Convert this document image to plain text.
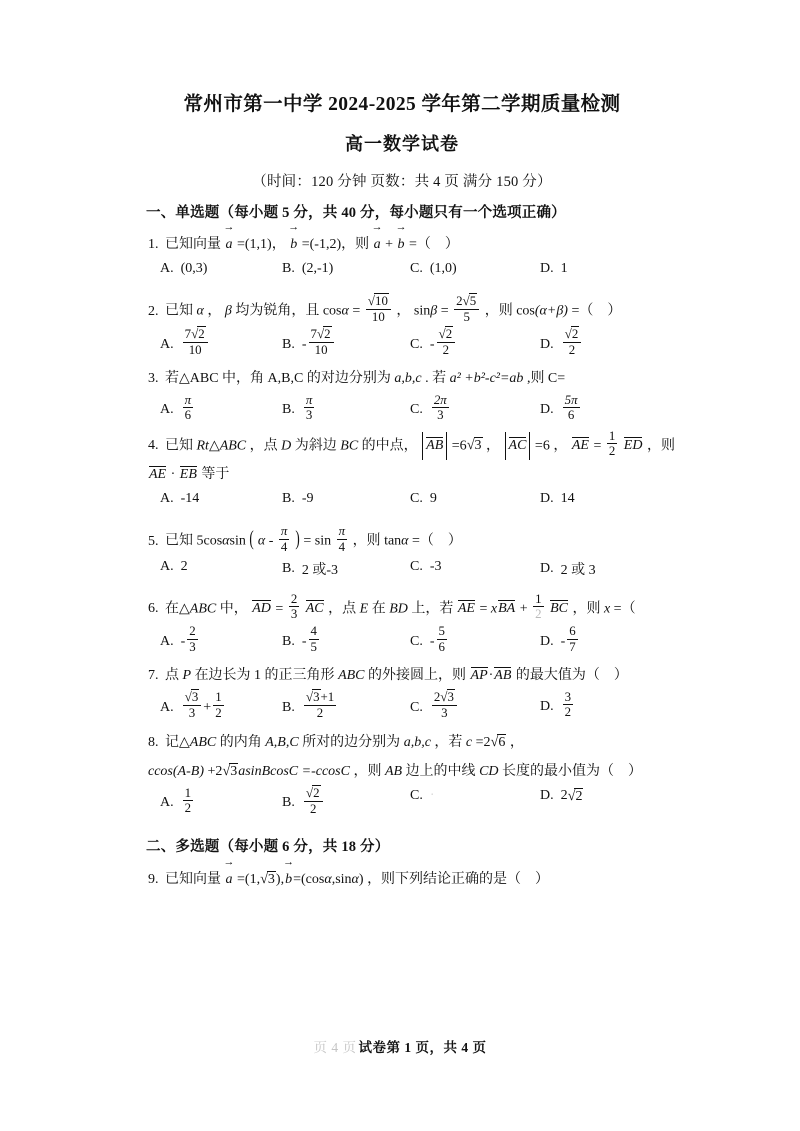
常州市第一中学 2024-2025 学年第二学期质量检测
高一数学试卷
（时间：120 分钟 页数：共 4 页 满分 150 分）
一、单选题（每小题 5 分，共 40 分，每小题只有一个选项正确）
1. 已知向量 → a =(1,1)， → b =(-1,2)，则 → a + → b =（　）
A. (0,3)	B. (2,-1)	C. (1,0)	D. 1
2. 已知 α ， β 均为锐角，且 $\cos\alpha = \frac{√10}{10}$ ， $\sin\beta = \frac{2√5}{5}$ ，则 cos(α+β) =（　）
A. $\frac{7√2}{10}$	B. - $\frac{7√2}{10}$	C. - $\frac{√2}{2}$	D. $\frac{√2}{2}$
3. 若△ABC 中，角 A,B,C 的对边分别为 a,b,c . 若 a² +b²-c²=ab ,则 C=
A. $\frac{\pi}{6}$	B. $\frac{\pi}{3}$	C. $\frac{2\pi}{3}$	D. $\frac{5\pi}{6}$
4. 已知 Rt△ABC ，点 D 为斜边 BC 的中点， AB =6√3 ， AC =6 ， AE = $\frac{1}{2}$ ED ，则
AE · EB 等于
A. -14	B. -9	C. 9	D. 14
5. 已知 5cosαsin ( α - $\frac{\pi}{4}$ ) = $\sin \frac{\pi}{4}$ ，则 tanα =（　）
A. 2	B. 2 或-3	C. -3	D. 2 或 3
6. 在△ABC 中， AD = $\frac{2}{3}$ AC ，点 E 在 BD 上，若 AE = xBA + $\frac{1}{2}$ BC ，则 x =（
A. - $\frac{2}{3}$	B. - $\frac{4}{5}$	C. - $\frac{5}{6}$	D. - $\frac{6}{7}$
7. 点 P 在边长为 1 的正三角形 ABC 的外接圆上，则 AP·AB 的最大值为（　）
A. $\frac{√3}{3} + \frac{1}{2}$	B. $\frac{√3+1}{2}$	C. $\frac{2√3}{3}$	D. $\frac{3}{2}$
8. 记△ABC 的内角 A,B,C 所对的边分别为 a,b,c ，若 c =2√6 ，
ccos(A-B) +2√3asinBcosC =-ccosC ，则 AB 边上的中线 CD 长度的最小值为（　）
A. $\frac{1}{2}$	B. $\frac{√2}{2}$	C. ·	D. 2 √2
二、多选题（每小题 6 分，共 18 分）
9. 已知向量 → a =(1,√3),→ b=(cosα,sinα) ，则下列结论正确的是（　）
页 4 页 试卷第 1 页，共 4 页
